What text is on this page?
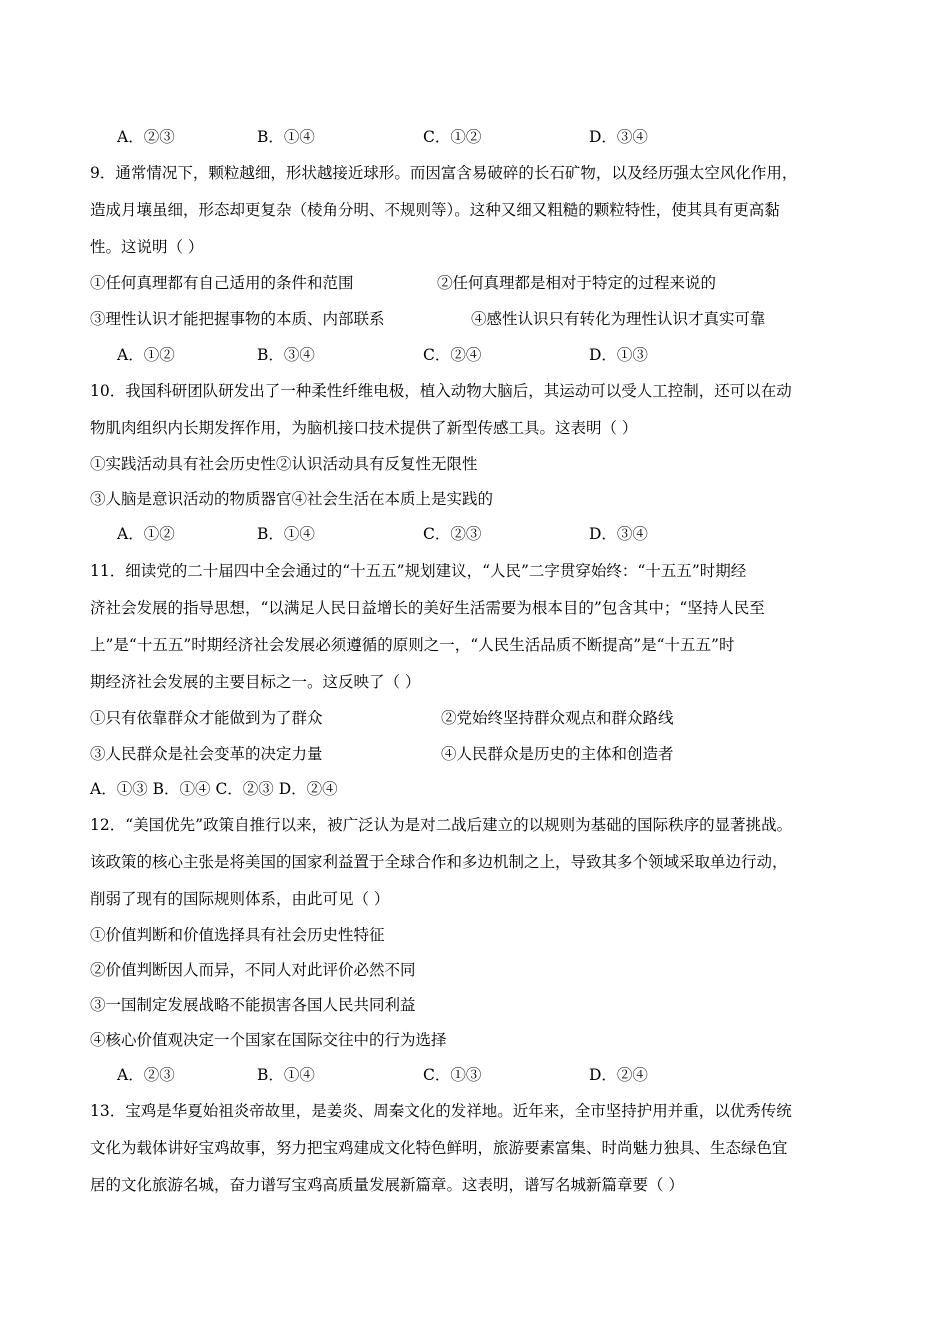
A．②③	B．①④	C．①②	D．③④
9．通常情况下，颗粒越细，形状越接近球形。而因富含易破碎的长石矿物，以及经历强太空风化作用，
造成月壤虽细，形态却更复杂（棱角分明、不规则等）。这种又细又粗糙的颗粒特性，使其具有更高黏
性。这说明（ ）
①任何真理都有自己适用的条件和范围	②任何真理都是相对于特定的过程来说的
③理性认识才能把握事物的本质、内部联系	④感性认识只有转化为理性认识才真实可靠
A．①②	B．③④	C．②④	D．①③
10．我国科研团队研发出了一种柔性纤维电极，植入动物大脑后，其运动可以受人工控制，还可以在动
物肌肉组织内长期发挥作用，为脑机接口技术提供了新型传感工具。这表明（ ）
①实践活动具有社会历史性②认识活动具有反复性无限性
③人脑是意识活动的物质器官④社会生活在本质上是实践的
A．①②	B．①④	C．②③	D．③④
11．细读党的二十届四中全会通过的“十五五”规划建议，“人民”二字贯穿始终：“十五五”时期经
济社会发展的指导思想，“以满足人民日益增长的美好生活需要为根本目的”包含其中；“坚持人民至
上”是“十五五”时期经济社会发展必须遵循的原则之一，“人民生活品质不断提高”是“十五五”时
期经济社会发展的主要目标之一。这反映了（ ）
①只有依靠群众才能做到为了群众	②党始终坚持群众观点和群众路线
③人民群众是社会变革的决定力量	④人民群众是历史的主体和创造者
A．①③ B．①④ C．②③ D．②④
12．“美国优先”政策自推行以来，被广泛认为是对二战后建立的以规则为基础的国际秩序的显著挑战。
该政策的核心主张是将美国的国家利益置于全球合作和多边机制之上，导致其多个领域采取单边行动，
削弱了现有的国际规则体系，由此可见（ ）
①价值判断和价值选择具有社会历史性特征
②价值判断因人而异，不同人对此评价必然不同
③一国制定发展战略不能损害各国人民共同利益
④核心价值观决定一个国家在国际交往中的行为选择
A．②③	B．①④	C．①③	D．②④
13．宝鸡是华夏始祖炎帝故里，是姜炎、周秦文化的发祥地。近年来，全市坚持护用并重，以优秀传统
文化为载体讲好宝鸡故事，努力把宝鸡建成文化特色鲜明，旅游要素富集、时尚魅力独具、生态绿色宜
居的文化旅游名城，奋力谱写宝鸡高质量发展新篇章。这表明，谱写名城新篇章要（ ）
